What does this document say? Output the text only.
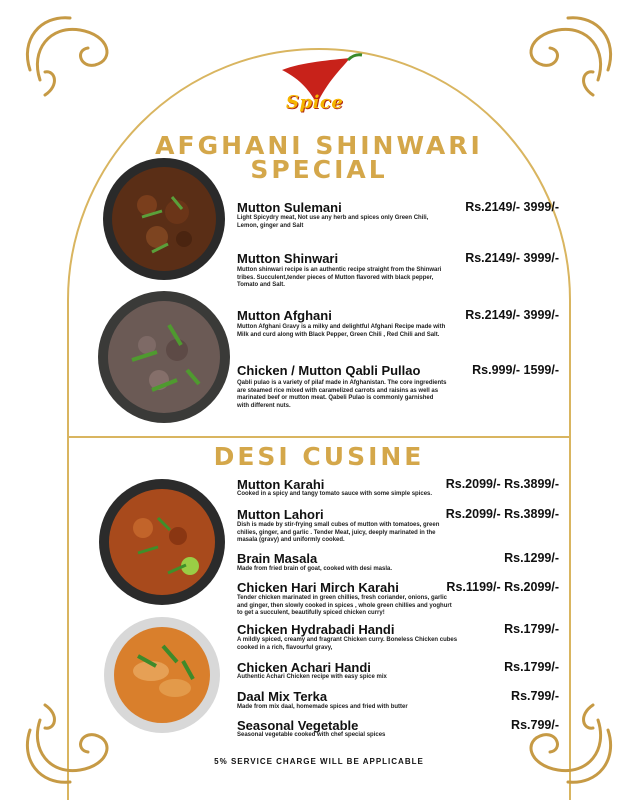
Spice
AFGHANI SHINWARI
SPECIAL
Mutton Sulemani	Rs.2149/- 3999/-
Light Spicydry meat, Not use any herb and spices only Green Chili,
Lemon, ginger and Salt
Mutton Shinwari	Rs.2149/- 3999/-
Mutton shinwari recipe is an authentic recipe straight from the Shinwari
tribes. Succulent,tender pieces of Mutton flavored with black pepper,
Tomato and Salt.
Mutton Afghani	Rs.2149/- 3999/-
Mutton Afghani Gravy is a milky and delightful Afghani Recipe made with
Milk and curd along with Black Pepper, Green Chili , Red Chili and Salt.
Chicken / Mutton Qabli Pullao	Rs.999/- 1599/-
Qabli pulao is a variety of pilaf made in Afghanistan. The core ingredients
are steamed rice mixed with caramelized carrots and raisins as well as
marinated beef or mutton meat. Qabeli Pulao is commonly garnished
with different nuts.
DESI CUSINE
Mutton Karahi	Rs.2099/- Rs.3899/-
Cooked in a spicy and tangy tomato sauce with some simple spices.
Mutton Lahori	Rs.2099/- Rs.3899/-
Dish is made by stir-frying small cubes of mutton with tomatoes, green
chilies, ginger, and garlic . Tender Meat, juicy, deeply marinated in the
masala (gravy) and uniformly cooked.
Brain Masala	Rs.1299/-
Made from fried brain of goat, cooked with desi masla.
Chicken Hari Mirch Karahi	Rs.1199/- Rs.2099/-
Tender chicken marinated in green chillies, fresh coriander, onions, garlic
and ginger, then slowly cooked in spices , whole green chillies and yoghurt
to get a succulent, beautifully spiced chicken curry!
Chicken Hydrabadi Handi	Rs.1799/-
A mildly spiced, creamy and fragrant Chicken curry. Boneless Chicken cubes
cooked in a rich, flavourful gravy,
Chicken Achari Handi	Rs.1799/-
Authentic Achari Chicken recipe with easy spice mix
Daal Mix Terka	Rs.799/-
Made from mix daal, homemade spices and fried with butter
Seasonal Vegetable	Rs.799/-
Seasonal vegetable cooked with chef special spices
5% SERVICE CHARGE WILL BE APPLICABLE
